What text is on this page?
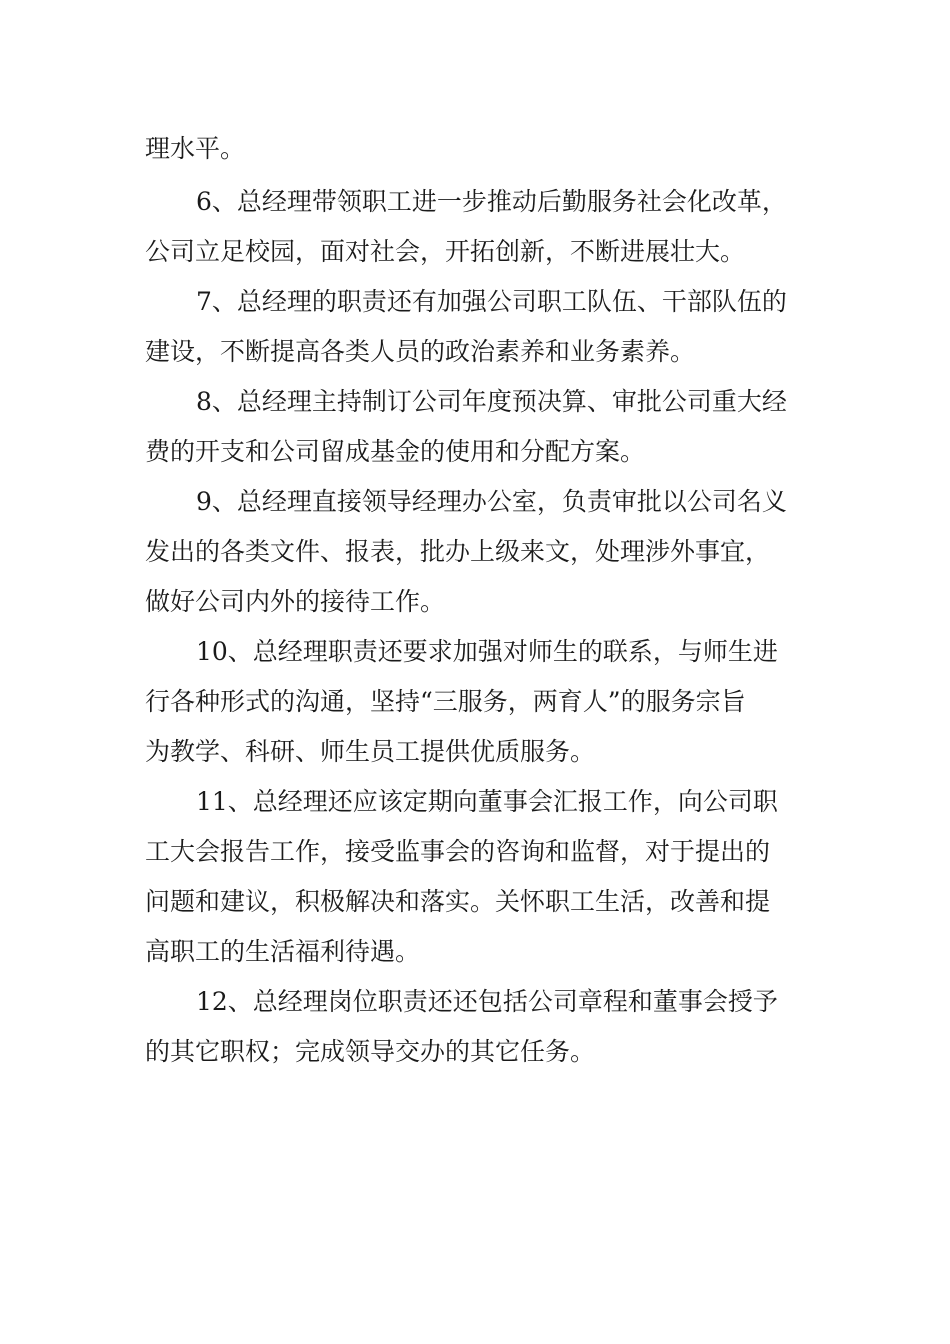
理水平。
6、总经理带领职工进一步推动后勤服务社会化改革，
公司立足校园，面对社会，开拓创新，不断进展壮大。
7、总经理的职责还有加强公司职工队伍、干部队伍的
建设，不断提高各类人员的政治素养和业务素养。
8、总经理主持制订公司年度预决算、审批公司重大经
费的开支和公司留成基金的使用和分配方案。
9、总经理直接领导经理办公室，负责审批以公司名义
发出的各类文件、报表，批办上级来文，处理涉外事宜，
做好公司内外的接待工作。
10、总经理职责还要求加强对师生的联系，与师生进
行各种形式的沟通，坚持“三服务，两育人”的服务宗旨
为教学、科研、师生员工提供优质服务。
11、总经理还应该定期向董事会汇报工作，向公司职
工大会报告工作，接受监事会的咨询和监督，对于提出的
问题和建议，积极解决和落实。关怀职工生活，改善和提
高职工的生活福利待遇。
12、总经理岗位职责还还包括公司章程和董事会授予
的其它职权；完成领导交办的其它任务。
